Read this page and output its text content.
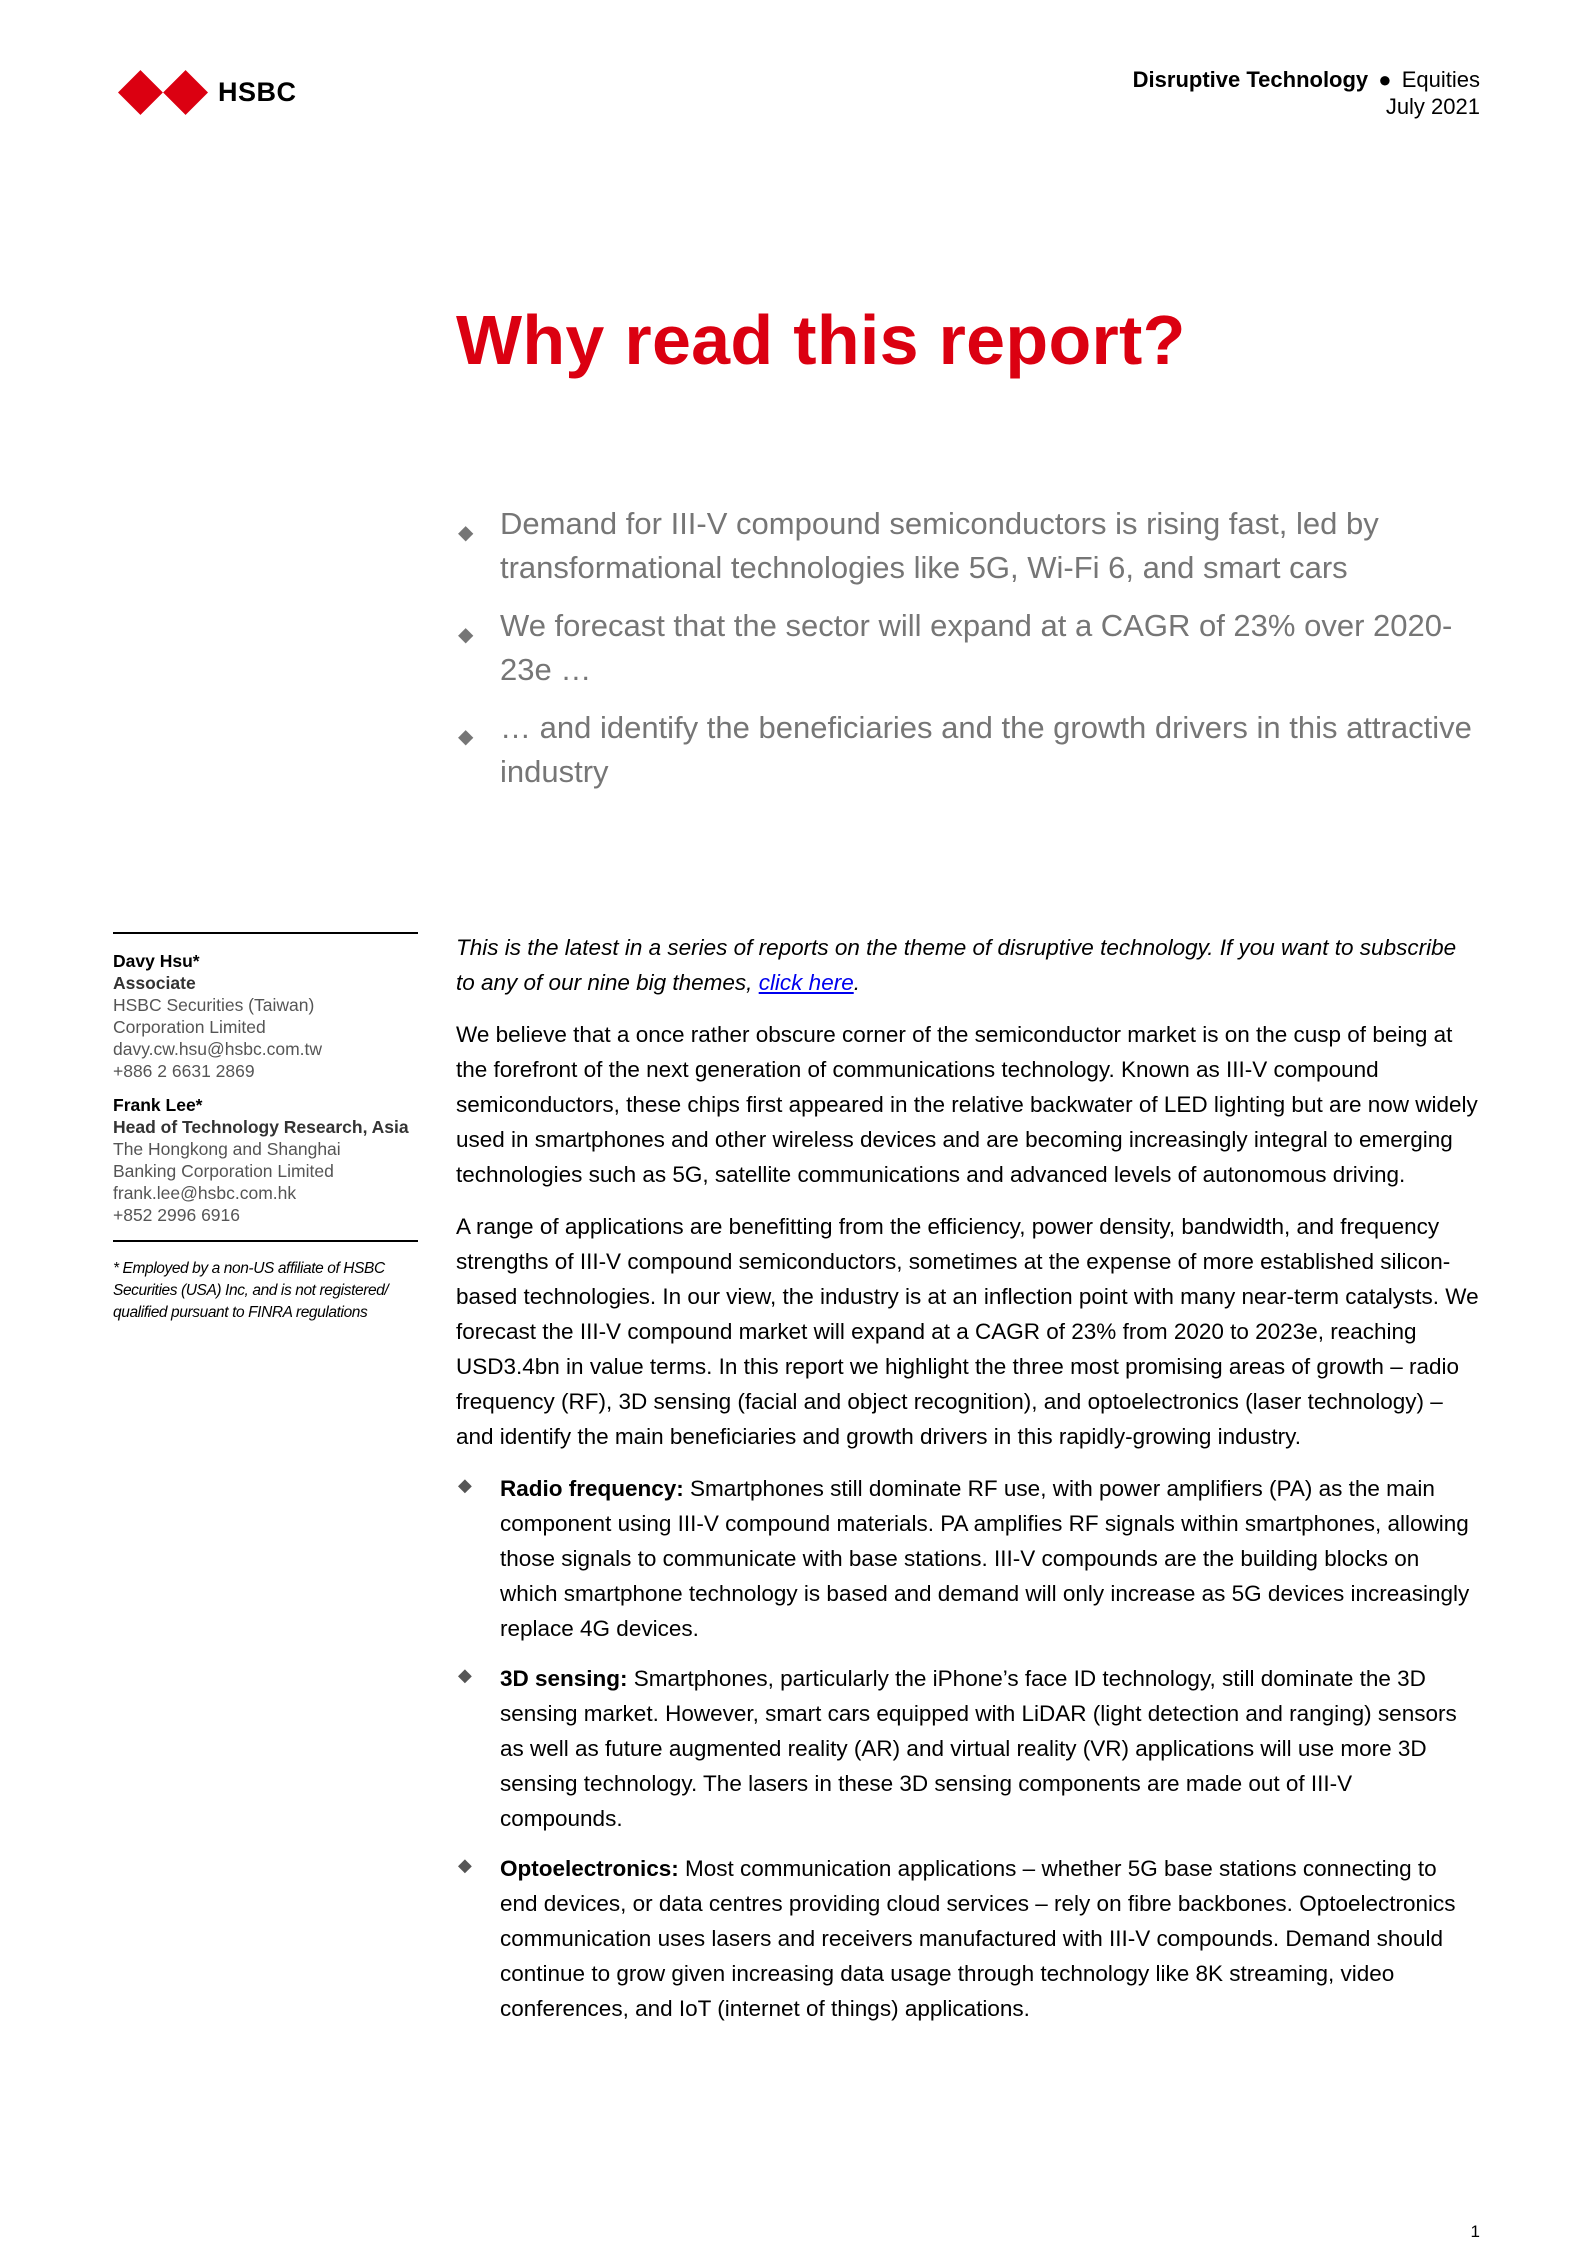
HSBC	Disruptive Technology ● Equities
July 2021
Why read this report?
◆ Demand for III-V compound semiconductors is rising fast, led by transformational technologies like 5G, Wi-Fi 6, and smart cars
◆ We forecast that the sector will expand at a CAGR of 23% over 2020-23e …
◆ … and identify the beneficiaries and the growth drivers in this attractive industry
Davy Hsu*
Associate
HSBC Securities (Taiwan)
Corporation Limited
davy.cw.hsu@hsbc.com.tw
+886 2 6631 2869
Frank Lee*
Head of Technology Research, Asia
The Hongkong and Shanghai
Banking Corporation Limited
frank.lee@hsbc.com.hk
+852 2996 6916
* Employed by a non-US affiliate of HSBC Securities (USA) Inc, and is not registered/ qualified pursuant to FINRA regulations

This is the latest in a series of reports on the theme of disruptive technology. If you want to subscribe to any of our nine big themes, click here.

We believe that a once rather obscure corner of the semiconductor market is on the cusp of being at the forefront of the next generation of communications technology. Known as III-V compound semiconductors, these chips first appeared in the relative backwater of LED lighting but are now widely used in smartphones and other wireless devices and are becoming increasingly integral to emerging technologies such as 5G, satellite communications and advanced levels of autonomous driving.

A range of applications are benefitting from the efficiency, power density, bandwidth, and frequency strengths of III-V compound semiconductors, sometimes at the expense of more established silicon-based technologies. In our view, the industry is at an inflection point with many near-term catalysts. We forecast the III-V compound market will expand at a CAGR of 23% from 2020 to 2023e, reaching USD3.4bn in value terms. In this report we highlight the three most promising areas of growth – radio frequency (RF), 3D sensing (facial and object recognition), and optoelectronics (laser technology) – and identify the main beneficiaries and growth drivers in this rapidly-growing industry.

◆ Radio frequency: Smartphones still dominate RF use, with power amplifiers (PA) as the main component using III-V compound materials. PA amplifies RF signals within smartphones, allowing those signals to communicate with base stations. III-V compounds are the building blocks on which smartphone technology is based and demand will only increase as 5G devices increasingly replace 4G devices.
◆ 3D sensing: Smartphones, particularly the iPhone’s face ID technology, still dominate the 3D sensing market. However, smart cars equipped with LiDAR (light detection and ranging) sensors as well as future augmented reality (AR) and virtual reality (VR) applications will use more 3D sensing technology. The lasers in these 3D sensing components are made out of III-V compounds.
◆ Optoelectronics: Most communication applications – whether 5G base stations connecting to end devices, or data centres providing cloud services – rely on fibre backbones. Optoelectronics communication uses lasers and receivers manufactured with III-V compounds. Demand should continue to grow given increasing data usage through technology like 8K streaming, video conferences, and IoT (internet of things) applications.
1
